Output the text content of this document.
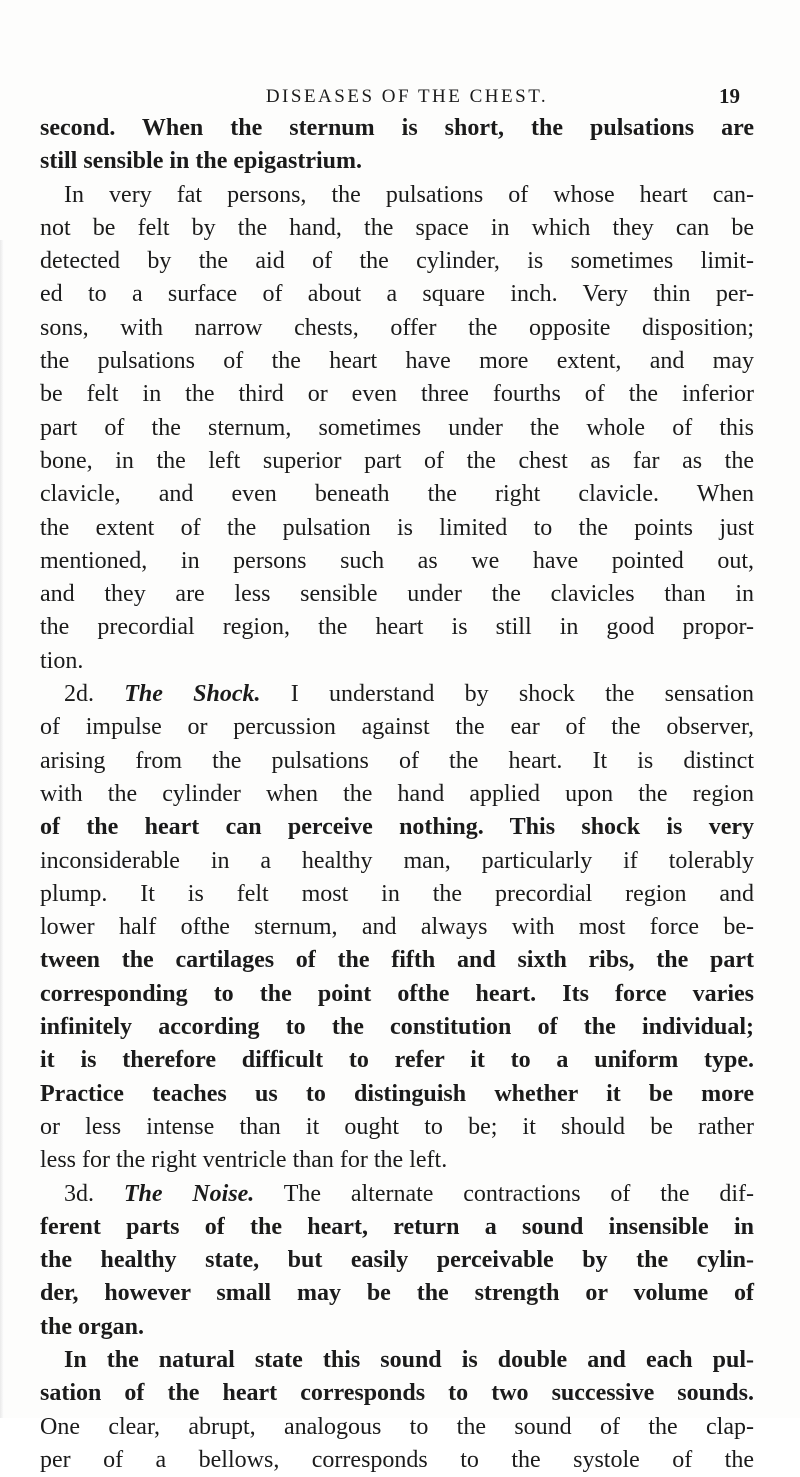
DISEASES OF THE CHEST.	19
second. When the sternum is short, the pulsations are
still sensible in the epigastrium.
In very fat persons, the pulsations of whose heart can-
not be felt by the hand, the space in which they can be
detected by the aid of the cylinder, is sometimes limit-
ed to a surface of about a square inch. Very thin per-
sons, with narrow chests, offer the opposite disposition;
the pulsations of the heart have more extent, and may
be felt in the third or even three fourths of the inferior
part of the sternum, sometimes under the whole of this
bone, in the left superior part of the chest as far as the
clavicle, and even beneath the right clavicle. When
the extent of the pulsation is limited to the points just
mentioned, in persons such as we have pointed out,
and they are less sensible under the clavicles than in
the precordial region, the heart is still in good propor-
tion.
2d. The Shock. I understand by shock the sensation
of impulse or percussion against the ear of the observer,
arising from the pulsations of the heart. It is distinct
with the cylinder when the hand applied upon the region
of the heart can perceive nothing. This shock is very
inconsiderable in a healthy man, particularly if tolerably
plump. It is felt most in the precordial region and
lower half ofthe sternum, and always with most force be-
tween the cartilages of the fifth and sixth ribs, the part
corresponding to the point ofthe heart. Its force varies
infinitely according to the constitution of the individual;
it is therefore difficult to refer it to a uniform type.
Practice teaches us to distinguish whether it be more
or less intense than it ought to be; it should be rather
less for the right ventricle than for the left.
3d. The Noise. The alternate contractions of the dif-
ferent parts of the heart, return a sound insensible in
the healthy state, but easily perceivable by the cylin-
der, however small may be the strength or volume of
the organ.
In the natural state this sound is double and each pul-
sation of the heart corresponds to two successive sounds.
One clear, abrupt, analogous to the sound of the clap-
per of a bellows, corresponds to the systole of the
